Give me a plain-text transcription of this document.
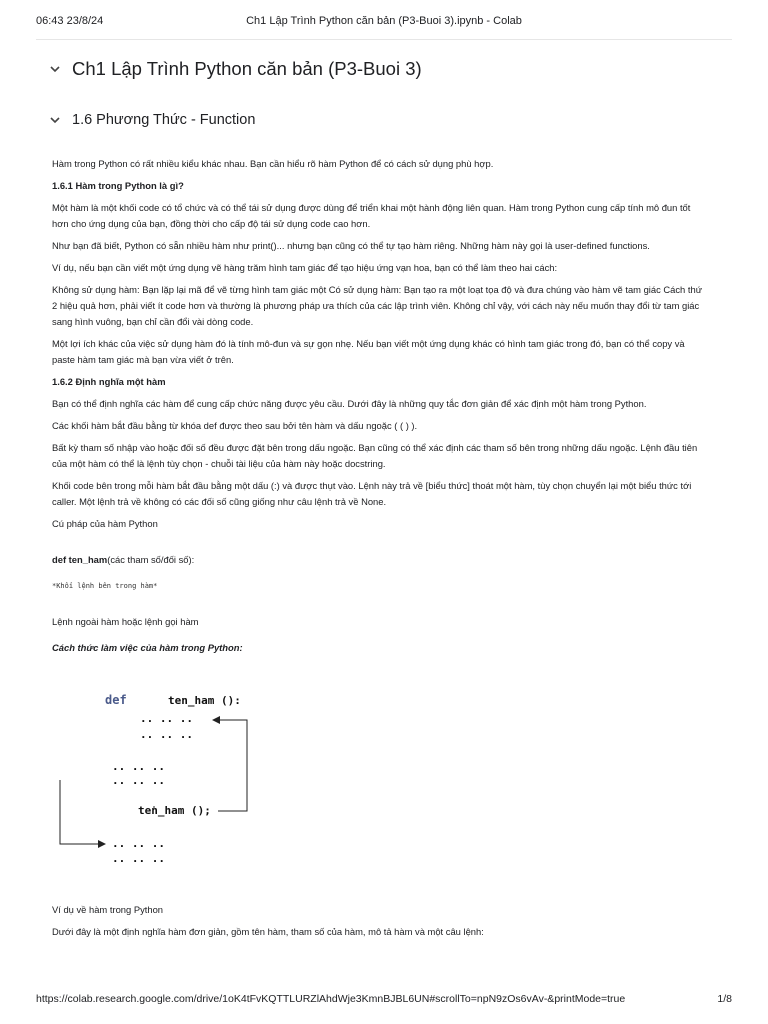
06:43 23/8/24	Ch1 Lập Trình Python căn bản (P3-Buoi 3).ipynb - Colab
Ch1 Lập Trình Python căn bản (P3-Buoi 3)
1.6 Phương Thức - Function

Hàm trong Python có rất nhiều kiểu khác nhau. Bạn cần hiểu rõ hàm Python để có cách sử dụng phù hợp.

1.6.1 Hàm trong Python là gì?

Một hàm là một khối code có tổ chức và có thể tái sử dụng được dùng để triển khai một hành động liên quan. Hàm trong Python cung cấp tính mô đun tốt hơn cho ứng dụng của bạn, đồng thời cho cấp độ tái sử dụng code cao hơn.

Như bạn đã biết, Python có sẵn nhiều hàm như print()... nhưng bạn cũng có thể tự tạo hàm riêng. Những hàm này gọi là user-defined functions.

Ví dụ, nếu bạn cần viết một ứng dụng vẽ hàng trăm hình tam giác để tạo hiệu ứng vạn hoa, bạn có thể làm theo hai cách:

Không sử dụng hàm: Bạn lặp lại mã để vẽ từng hình tam giác một Có sử dụng hàm: Bạn tạo ra một loạt tọa độ và đưa chúng vào hàm vẽ tam giác Cách thứ 2 hiệu quả hơn, phải viết ít code hơn và thường là phương pháp ưa thích của các lập trình viên. Không chỉ vậy, với cách này nếu muốn thay đổi từ tam giác sang hình vuông, bạn chỉ cần đổi vài dòng code.

Một lợi ích khác của việc sử dụng hàm đó là tính mô-đun và sự gọn nhẹ. Nếu bạn viết một ứng dụng khác có hình tam giác trong đó, bạn có thể copy và paste hàm tam giác mà bạn vừa viết ở trên.

1.6.2 Định nghĩa một hàm

Bạn có thể định nghĩa các hàm để cung cấp chức năng được yêu cầu. Dưới đây là những quy tắc đơn giản để xác định một hàm trong Python.

Các khối hàm bắt đầu bằng từ khóa def được theo sau bởi tên hàm và dấu ngoặc ( ( ) ).

Bất kỳ tham số nhập vào hoặc đối số đều được đặt bên trong dấu ngoặc. Bạn cũng có thể xác định các tham số bên trong những dấu ngoặc. Lệnh đầu tiên của một hàm có thể là lệnh tùy chọn - chuỗi tài liệu của hàm này hoặc docstring.

Khối code bên trong mỗi hàm bắt đầu bằng một dấu (:) và được thụt vào. Lệnh này trả về [biểu thức] thoát một hàm, tùy chọn chuyển lại một biểu thức tới caller. Một lệnh trả về không có các đối số cũng giống như câu lệnh trả về None.

Cú pháp của hàm Python

def ten_ham(các tham số/đối số):

*Khối lệnh bên trong hàm*

Lệnh ngoài hàm hoặc lệnh gọi hàm

Cách thức làm việc của hàm trong Python:

def	ten_ham ():
.. .. ..
.. .. ..
.. .. ..
.. .. ..
ten_ham ();
.. .. ..
.. .. ..

Ví dụ về hàm trong Python

Dưới đây là một định nghĩa hàm đơn giản, gồm tên hàm, tham số của hàm, mô tả hàm và một câu lệnh:

https://colab.research.google.com/drive/1oK4tFvKQTTLURZlAhdWje3KmnBJBL6UN#scrollTo=npN9zOs6vAv-&printMode=true	1/8
